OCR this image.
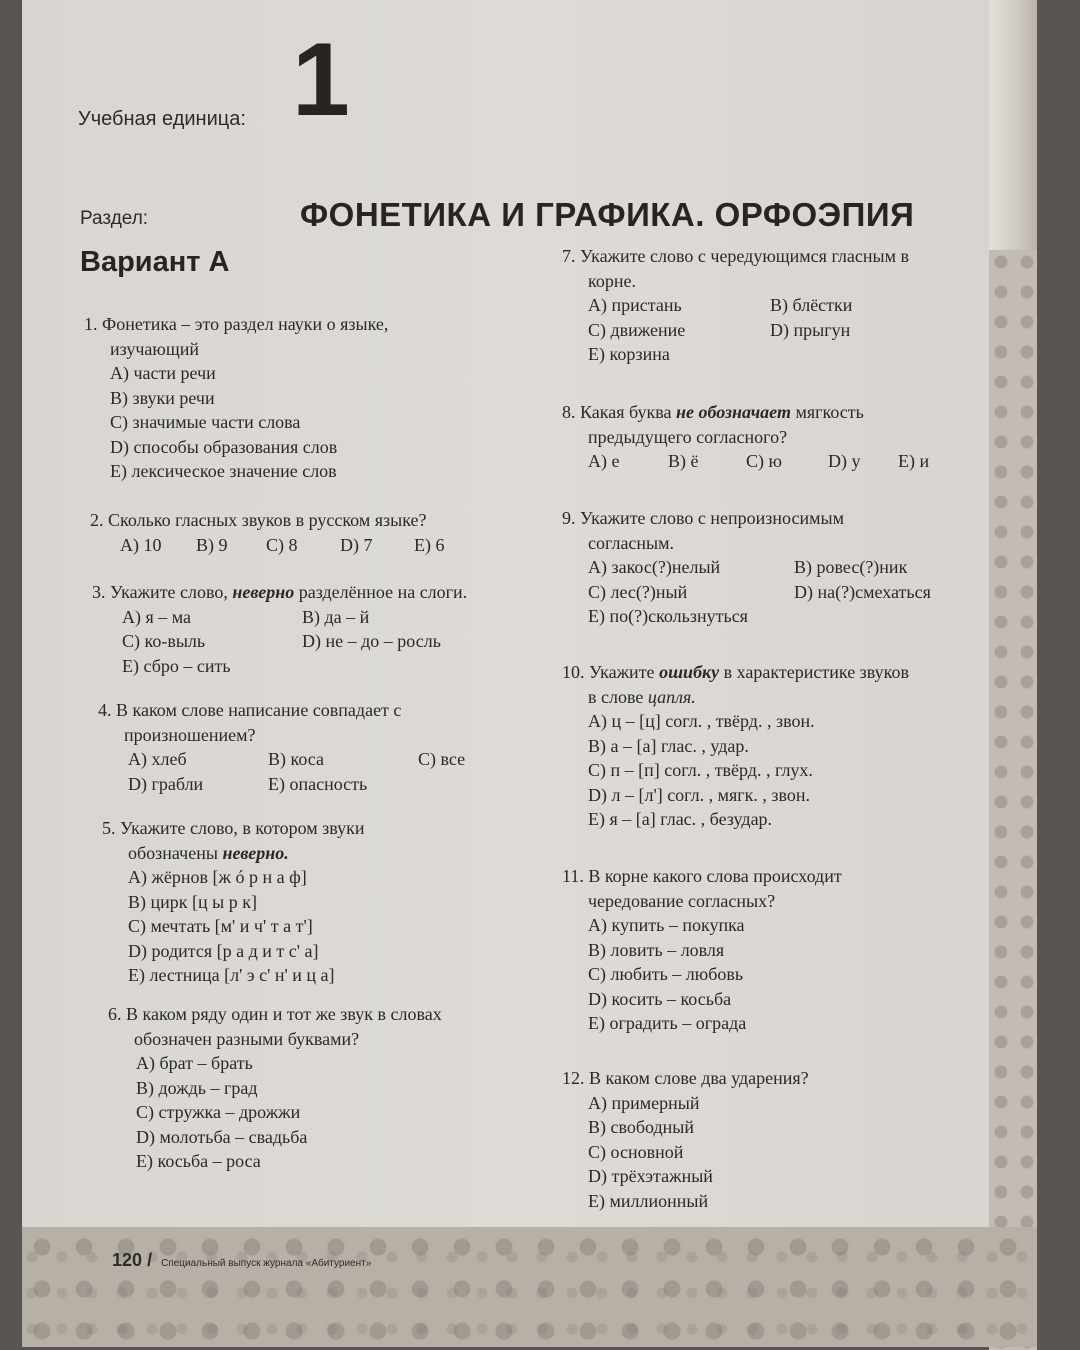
Учебная единица: 1
Раздел:	ФОНЕТИКА И ГРАФИКА. ОРФОЭПИЯ
Вариант А

1. Фонетика – это раздел науки о языке,

изучающий

А) части речи

В) звуки речи

С) значимые части слова

D) способы образования слов

Е) лексическое значение слов

2. Сколько гласных звуков в русском языке?

А) 10	В) 9	С) 8	D) 7	Е) 6

3. Укажите слово, неверно разделённое на слоги.

А) я – ма	В) да – й
С) ко-выль	D) не – до – росль

Е) сбро – сить

4. В каком слове написание совпадает с

произношением?

А) хлеб	В) коса	С) все
D) грабли	Е) опасность

5. Укажите слово, в котором звуки

обозначены неверно.

А) жёрнов [ж ó р н а ф]

В) цирк [ц ы р к]

С) мечтать [м' и ч' т а т']

D) родится [р а д и т с' а]

Е) лестница [л' э с' н' и ц а]

6. В каком ряду один и тот же звук в словах

обозначен разными буквами?

А) брат – брать

В) дождь – град

С) стружка – дрожжи

D) молотьба – свадьба

Е) косьба – роса

7. Укажите слово с чередующимся гласным в

корне.

А) пристань	В) блёстки
С) движение	D) прыгун

Е) корзина

8. Какая буква не обозначает мягкость

предыдущего согласного?

А) е	В) ё	С) ю	D) у	Е) и

9. Укажите слово с непроизносимым

согласным.

А) закос(?)нелый	В) ровес(?)ник
С) лес(?)ный	D) на(?)смехаться

Е) по(?)скользнуться

10. Укажите ошибку в характеристике звуков

в слове цапля.

А) ц – [ц] согл. , твёрд. , звон.

В) а – [а] глас. , удар.

С) п – [п] согл. , твёрд. , глух.

D) л – [л'] согл. , мягк. , звон.

Е) я – [а] глас. , безудар.

11. В корне какого слова происходит

чередование согласных?

А) купить – покупка

В) ловить – ловля

С) любить – любовь

D) косить – косьба

Е) оградить – ограда

12. В каком слове два ударения?

А) примерный

В) свободный

С) основной

D) трёхэтажный

Е) миллионный

120 / Специальный выпуск журнала «Абитуриент»
